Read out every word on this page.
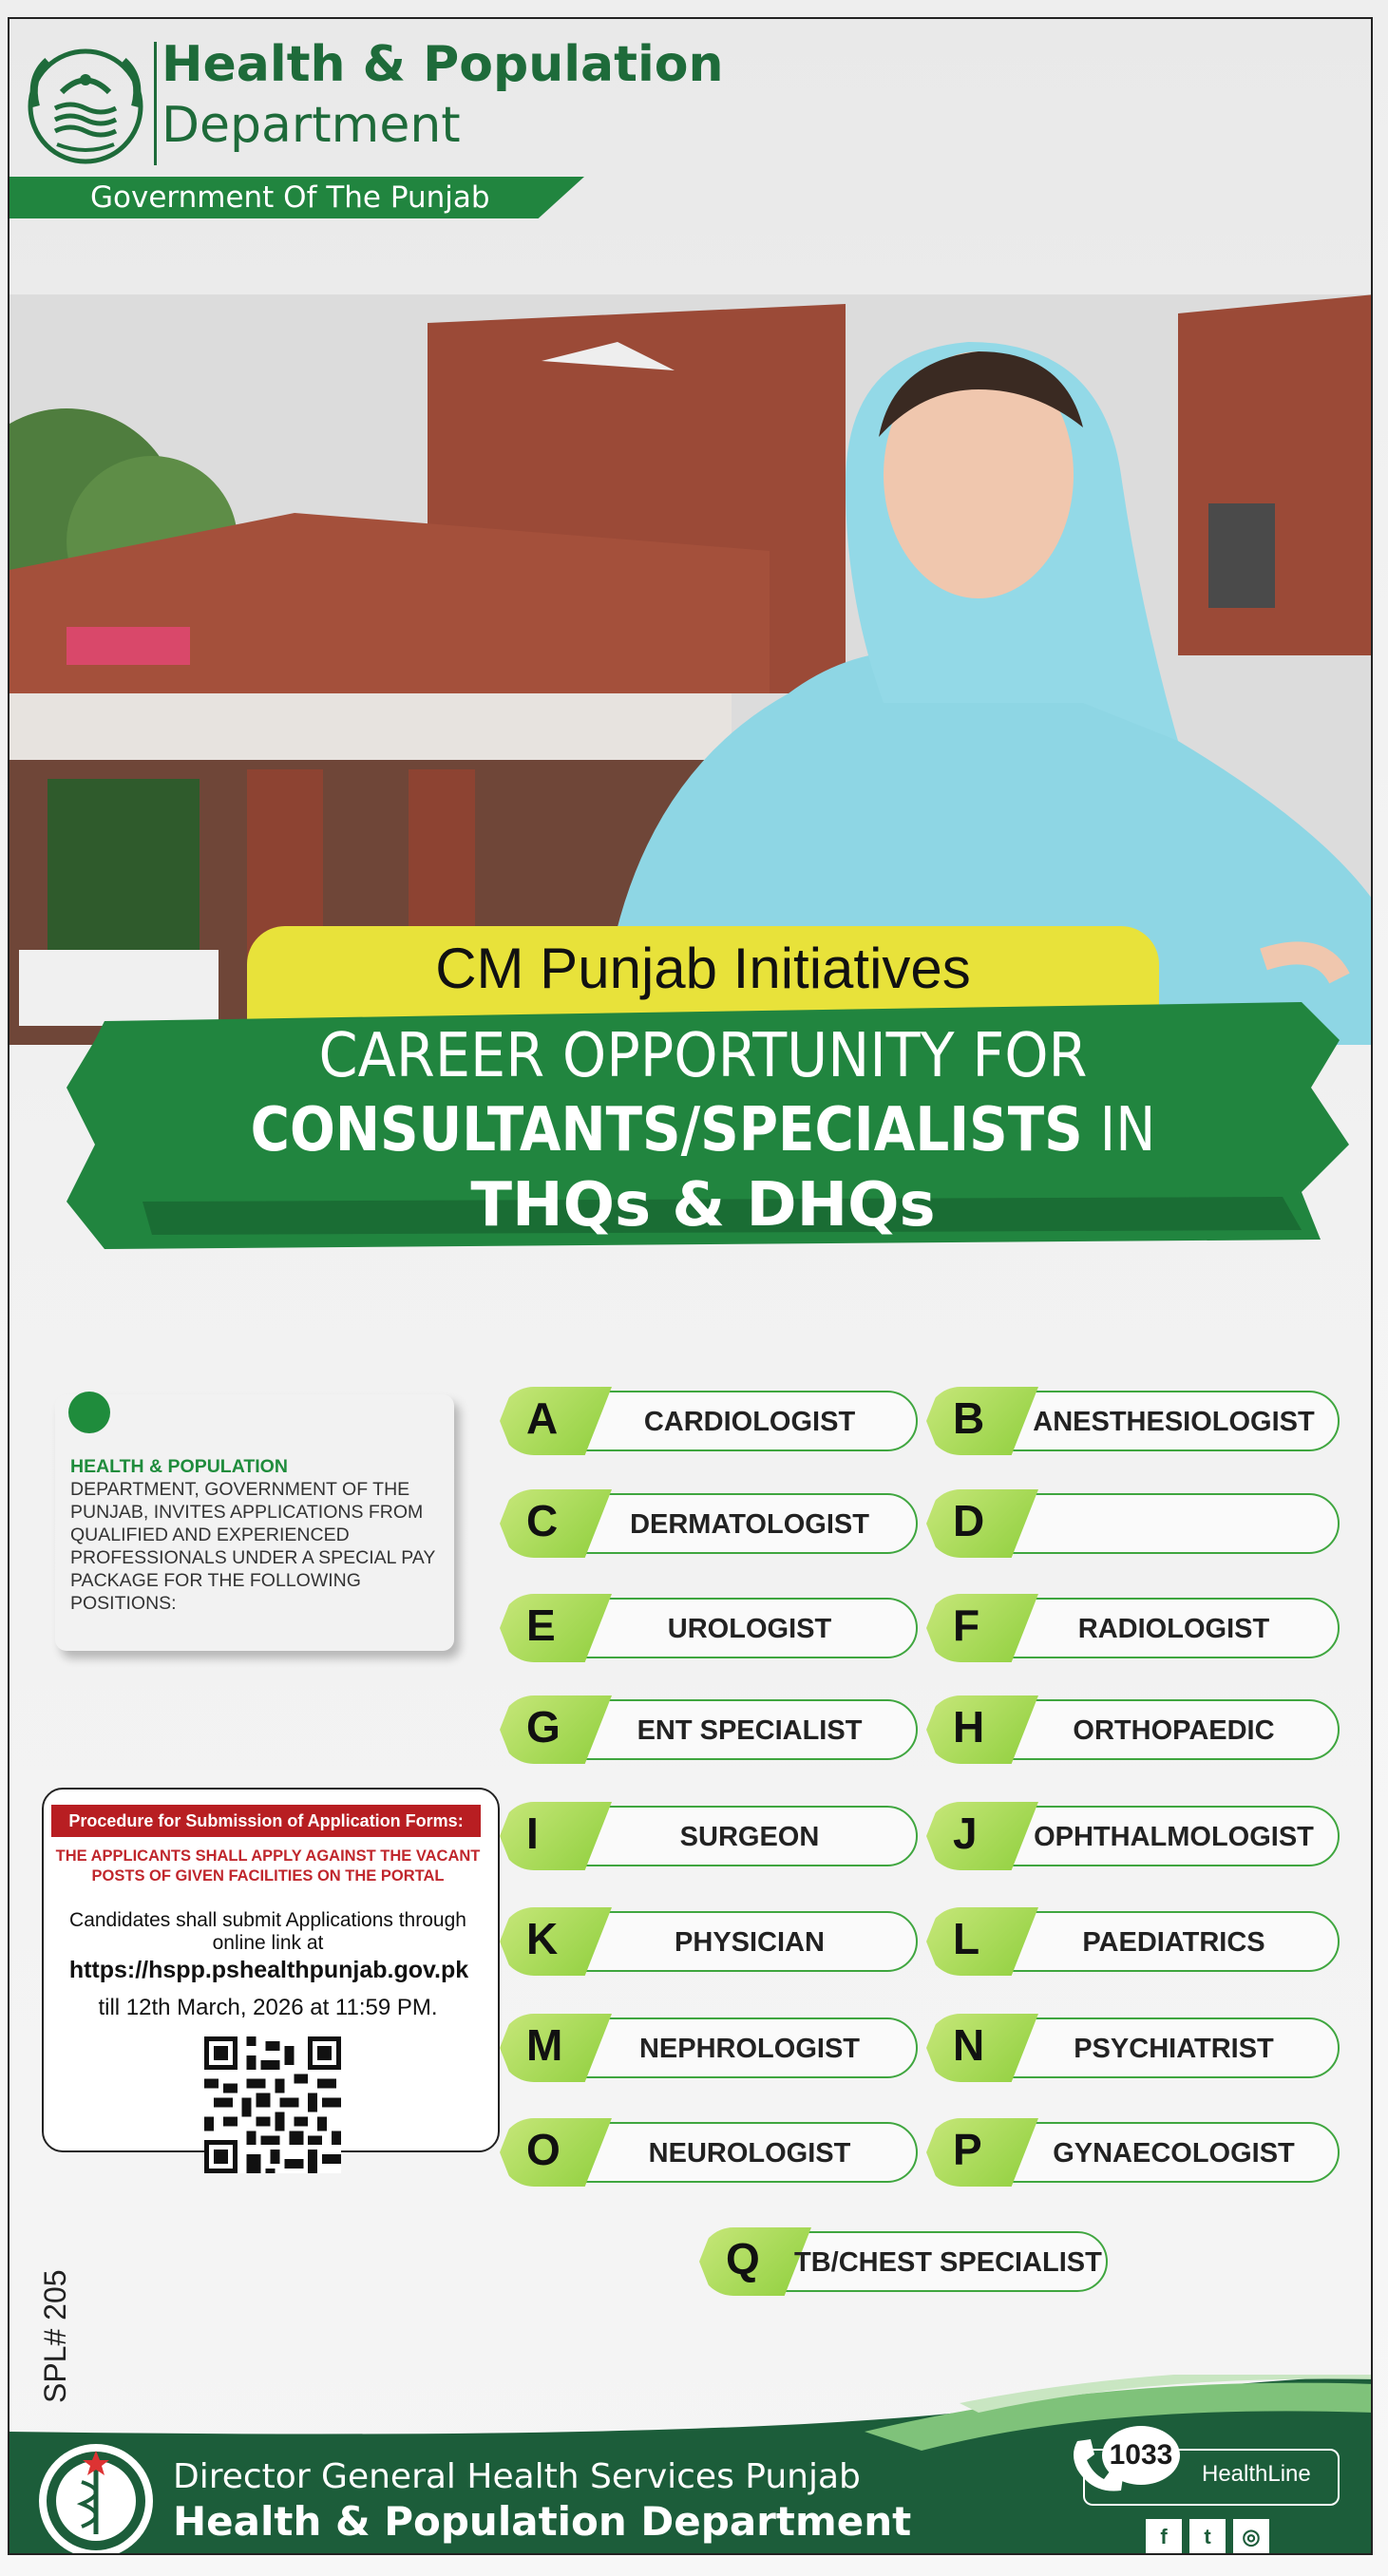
Health & Population
Department
Government Of The Punjab
CM Punjab Initiatives
CAREER OPPORTUNITY FOR
CONSULTANTS/SPECIALISTS IN
THQs & DHQs
HEALTH & POPULATION
DEPARTMENT, GOVERNMENT OF THE PUNJAB, INVITES APPLICATIONS FROM QUALIFIED AND EXPERIENCED PROFESSIONALS UNDER A SPECIAL PAY PACKAGE FOR THE FOLLOWING POSITIONS:
Procedure for Submission of Application Forms:
THE APPLICANTS SHALL APPLY AGAINST THE VACANT POSTS OF GIVEN FACILITIES ON THE PORTAL
Candidates shall submit Applications through online link at
https://hspp.pshealthpunjab.gov.pk
till 12th March, 2026 at 11:59 PM.
A	CARDIOLOGIST	B	ANESTHESIOLOGIST
C	DERMATOLOGIST	D
E	UROLOGIST	F	RADIOLOGIST
G	ENT SPECIALIST	H	ORTHOPAEDIC
I	SURGEON	J	OPHTHALMOLOGIST
K	PHYSICIAN	L	PAEDIATRICS
M	NEPHROLOGIST	N	PSYCHIATRIST
O	NEUROLOGIST	P	GYNAECOLOGIST
Q TB/CHEST SPECIALIST
SPL# 205
Director General Health Services Punjab
Health & Population Department
1033
HealthLine
f	t	◎
